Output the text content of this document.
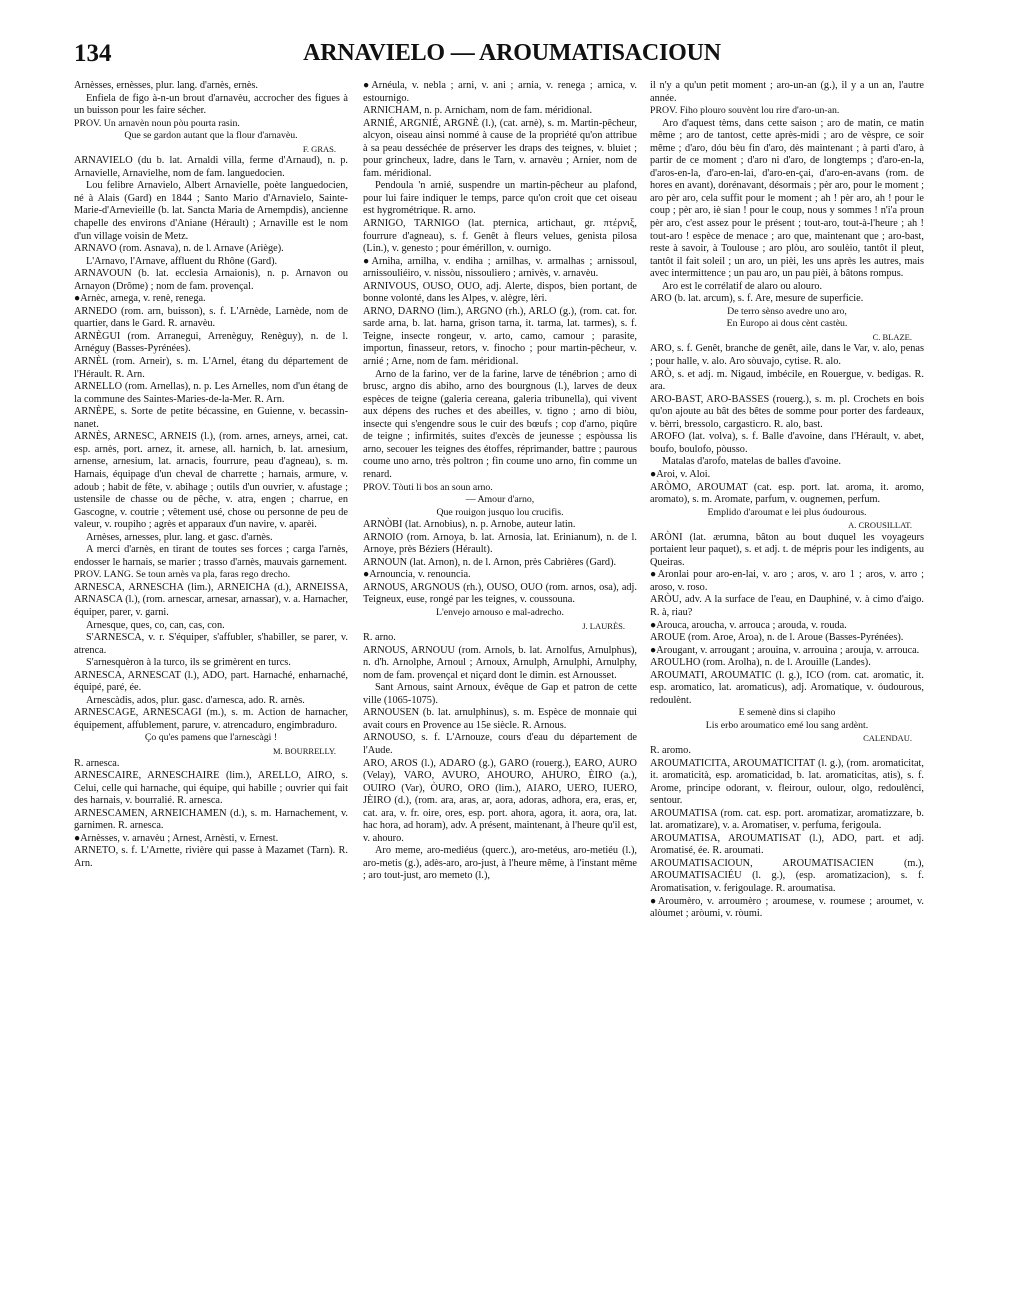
134	ARNAVIELO — AROUMATISACIOUN

Arnèsses, ernèsses, plur. lang. d'arnès, ernès.

Enfiela de figo à-n-un brout d'arnavèu, accrocher des figues à un buisson pour les faire sécher.

PROV. Un arnavèn noun pòu pourta rasin.

Que se gardon autant que la flour d'arnavèu.

F. GRAS.

ARNAVIELO (du b. lat. Arnaldi villa, ferme d'Arnaud), n. p. Arnavielle, Arnavielhe, nom de fam. languedocien.

Lou felibre Arnavielo, Albert Arnavielle, poète languedocien, né à Alais (Gard) en 1844 ; Santo Mario d'Arnavielo, Sainte-Marie-d'Arnevieille (b. lat. Sancta Maria de Arnempdis), ancienne chapelle des environs d'Aniane (Hérault) ; Arnaville est le nom d'un village voisin de Metz.

ARNAVO (rom. Asnava), n. de l. Arnave (Ariège).

L'Arnavo, l'Arnave, affluent du Rhône (Gard).

ARNAVOUN (b. lat. ecclesia Arnaionis), n. p. Arnavon ou Arnayon (Drôme) ; nom de fam. provençal.

●Arnèc, arnega, v. renè, renega.

ARNEDO (rom. arn, buisson), s. f. L'Arnède, Larnède, nom de quartier, dans le Gard. R. arnavèu.

ARNÈGUI (rom. Arranegui, Arrenèguy, Renèguy), n. de l. Arnéguy (Basses-Pyrénées).

ARNÈL (rom. Arneir), s. m. L'Arnel, étang du département de l'Hérault. R. Arn.

ARNELLO (rom. Arnellas), n. p. Les Arnelles, nom d'un étang de la commune des Saintes-Maries-de-la-Mer. R. Arn.

ARNÈPE, s. Sorte de petite bécassine, en Guienne, v. becassin-nanet.

ARNÈS, ARNESC, ARNEIS (l.), (rom. arnes, arneys, arnei, cat. esp. arnès, port. arnez, it. arnese, all. harnich, b. lat. arnesium, arnense, arnesium, lat. arnacis, fourrure, peau d'agneau), s. m. Harnais, équipage d'un cheval de charrette ; harnais, armure, v. adoub ; habit de fête, v. abihage ; outils d'un ouvrier, v. afustage ; ustensile de chasse ou de pêche, v. atra, engen ; charrue, en Gascogne, v. coutrie ; vêtement usé, chose ou personne de peu de valeur, v. roupiho ; agrès et apparaux d'un navire, v. aparèi.

Arnèses, arnesses, plur. lang. et gasc. d'arnès.

A merci d'arnès, en tirant de toutes ses forces ; carga l'arnès, endosser le harnais, se marier ; trasso d'arnès, mauvais garnement.

PROV. LANG. Se toun arnès va pla, faras rego drecho.

ARNESCA, ARNESCHA (lim.), ARNEICHA (d.), ARNEISSA, ARNASCA (l.), (rom. arnescar, arnesar, arnassar), v. a. Harnacher, équiper, parer, v. garni.

Arnesque, ques, co, can, cas, con.

S'ARNESCA, v. r. S'équiper, s'affubler, s'habiller, se parer, v. atrenca.

S'arnesquèron à la turco, ils se grimèrent en turcs.

ARNESCA, ARNESCAT (l.), ADO, part. Harnaché, enharnaché, équipé, paré, ée.

Arnescàdis, ados, plur. gasc. d'arnesca, ado. R. arnès.

ARNESCAGE, ARNESCAGI (m.), s. m. Action de harnacher, équipement, affublement, parure, v. atrencaduro, engimbraduro.

Ço qu'es pamens que l'arnescàgi !

M. BOURRELLY.

R. arnesca.

ARNESCAIRE, ARNESCHAIRE (lim.), ARELLO, AIRO, s. Celui, celle qui harnache, qui équipe, qui habille ; ouvrier qui fait des harnais, v. bourralié. R. arnesca.

ARNESCAMEN, ARNEICHAMEN (d.), s. m. Harnachement, v. garnimen. R. arnesca.

●Arnèsses, v. arnavèu ; Arnest, Arnèsti, v. Ernest.

ARNETO, s. f. L'Arnette, rivière qui passe à Mazamet (Tarn). R. Arn.

●Arnéula, v. nebla ; arni, v. ani ; arnia, v. renega ; arnica, v. estournigo.

ARNICHAM, n. p. Arnicham, nom de fam. méridional.

ARNIÉ, ARGNIÉ, ARGNÈ (l.), (cat. arnè), s. m. Martin-pêcheur, alcyon, oiseau ainsi nommé à cause de la propriété qu'on attribue à sa peau desséchée de préserver les draps des teignes, v. bluiet ; pour grincheux, ladre, dans le Tarn, v. arnavèu ; Arnier, nom de fam. méridional.

Pendoula 'n arnié, suspendre un martin-pêcheur au plafond, pour lui faire indiquer le temps, parce qu'on croit que cet oiseau est hygrométrique. R. arno.

ARNIGO, TARNIGO (lat. pternica, artichaut, gr. πτέρνιξ, fourrure d'agneau), s. f. Genêt à fleurs velues, genista pilosa (Lin.), v. genesto ; pour émérillon, v. ournigo.

●Arniha, arnilha, v. endiha ; arnilhas, v. armalhas ; arnissoul, arnissouliéiro, v. nissòu, nissouliero ; arnivès, v. arnavèu.

ARNIVOUS, OUSO, OUO, adj. Alerte, dispos, bien portant, de bonne volonté, dans les Alpes, v. alègre, lèri.

ARNO, DARNO (lim.), ARGNO (rh.), ARLO (g.), (rom. cat. for. sarde arna, b. lat. harna, grison tarna, it. tarma, lat. tarmes), s. f. Teigne, insecte rongeur, v. arto, camo, camour ; parasite, importun, finasseur, retors, v. finocho ; pour martin-pêcheur, v. arnié ; Arne, nom de fam. méridional.

Arno de la farino, ver de la farine, larve de ténébrion ; arno di brusc, argno dis abiho, arno des bourgnous (l.), larves de deux espèces de teigne (galeria cereana, galeria tribunella), qui vivent aux dépens des ruches et des abeilles, v. tigno ; arno di biòu, insecte qui s'engendre sous le cuir des bœufs ; cop d'arno, piqûre de teigne ; infirmités, suites d'excès de jeunesse ; espòussa lis arno, secouer les teignes des étoffes, réprimander, battre ; paurous coume uno arno, très poltron ; fin coume uno arno, fin comme un renard.

PROV. Tòuti li bos an soun arno.

— Amour d'arno,

Que rouigon jusquo lou crucifis.

ARNÒBI (lat. Arnobius), n. p. Arnobe, auteur latin.

ARNOIO (rom. Arnoya, b. lat. Arnosia, lat. Erinianum), n. de l. Arnoye, près Béziers (Hérault).

ARNOUN (lat. Arnon), n. de l. Arnon, près Cabrières (Gard).

●Arnouncia, v. renouncia.

ARNOUS, ARGNOUS (rh.), OUSO, OUO (rom. arnos, osa), adj. Teigneux, euse, rongé par les teignes, v. coussouna.

L'envejo arnouso e mal-adrecho.

J. LAURÈS.

R. arno.

ARNOUS, ARNOUU (rom. Arnols, b. lat. Arnolfus, Arnulphus), n. d'h. Arnolphe, Arnoul ; Arnoux, Arnulph, Arnulphi, Arnulphy, nom de fam. provençal et niçard dont le dimin. est Arnousset.

Sant Arnous, saint Arnoux, évêque de Gap et patron de cette ville (1065-1075).

ARNOUSEN (b. lat. arnulphinus), s. m. Espèce de monnaie qui avait cours en Provence au 15e siècle. R. Arnous.

ARNOUSO, s. f. L'Arnouze, cours d'eau du département de l'Aude.

ARO, AROS (l.), ADARO (g.), GARO (rouerg.), EARO, AURO (Velay), VARO, AVURO, AHOURO, AHURO, ÈIRO (a.), OUIRO (Var), ÒURO, ORO (lim.), AIARO, UERO, IUERO, JÈIRO (d.), (rom. ara, aras, ar, aora, adoras, adhora, era, eras, er, cat. ara, v. fr. oire, ores, esp. port. ahora, agora, it. aora, ora, lat. hac hora, ad horam), adv. A présent, maintenant, à l'heure qu'il est, v. ahouro.

Aro meme, aro-mediéus (querc.), aro-metéus, aro-metiéu (l.), aro-metis (g.), adès-aro, aro-just, à l'heure même, à l'instant même ; aro tout-just, aro memeto (l.),

il n'y a qu'un petit moment ; aro-un-an (g.), il y a un an, l'autre année.

PROV. Fiho plouro souvènt lou rire d'aro-un-an.

Aro d'aquest tèms, dans cette saison ; aro de matin, ce matin même ; aro de tantost, cette après-midi ; aro de vèspre, ce soir même ; d'aro, dóu bèu fin d'aro, dès maintenant ; à parti d'aro, à partir de ce moment ; d'aro ni d'aro, de longtemps ; d'aro-en-la, d'aros-en-la, d'aro-en-lai, d'aro-en-çai, d'aro-en-avans (rom. de hores en avant), dorénavant, désormais ; pèr aro, pour le moment ; aro pèr aro, cela suffit pour le moment ; ah ! pèr aro, ah ! pour le coup ; pèr aro, iè sian ! pour le coup, nous y sommes ! n'i'a proun pèr aro, c'est assez pour le présent ; tout-aro, tout-à-l'heure ; ah ! tout-aro ! espèce de menace ; aro que, maintenant que ; aro-bast, reste à savoir, à Toulouse ; aro plòu, aro soulèio, tantôt il pleut, tantôt il fait soleil ; un aro, un pièi, les uns après les autres, mais avec intermittence ; un pau aro, un pau pièi, à bâtons rompus.

Aro est le corrélatif de alaro ou alouro.

ARO (b. lat. arcum), s. f. Are, mesure de superficie.

De terro sènso avedre uno aro,

En Europo ai dous cènt castèu.

C. BLAZE.

ARO, s. f. Genêt, branche de genêt, aile, dans le Var, v. alo, penas ; pour halle, v. alo. Aro sòuvajo, cytise. R. alo.

ARÒ, s. et adj. m. Nigaud, imbécile, en Rouergue, v. bedigas. R. ara.

ARO-BAST, ARO-BASSES (rouerg.), s. m. pl. Crochets en bois qu'on ajoute au bât des bêtes de somme pour porter des fardeaux, v. bèrri, bressolo, cargasticro. R. alo, bast.

AROFO (lat. volva), s. f. Balle d'avoine, dans l'Hérault, v. abet, boufo, boulofo, pòusso.

Matalas d'arofo, matelas de balles d'avoine.

●Aroi, v. Aloi.

ARÒMO, AROUMAT (cat. esp. port. lat. aroma, it. aromo, aromato), s. m. Aromate, parfum, v. ougnemen, perfum.

Emplido d'aroumat e lei plus óudourous.

A. CROUSILLAT.

ARÒNI (lat. ærumna, bâton au bout duquel les voyageurs portaient leur paquet), s. et adj. t. de mépris pour les indigents, au Queiras.

●Aronlai pour aro-en-lai, v. aro ; aros, v. aro 1 ; aros, v. arro ; aroso, v. roso.

ARÒU, adv. A la surface de l'eau, en Dauphiné, v. à cimo d'aigo. R. à, riau?

●Arouca, aroucha, v. arrouca ; arouda, v. rouda.

AROUE (rom. Aroe, Aroa), n. de l. Aroue (Basses-Pyrénées).

●Arougant, v. arrougant ; arouina, v. arrouina ; arouja, v. arrouca.

AROULHO (rom. Arolha), n. de l. Arouille (Landes).

AROUMATI, AROUMATIC (l. g.), ICO (rom. cat. aromatic, it. esp. aromatico, lat. aromaticus), adj. Aromatique, v. óudourous, redoulènt.

E semenè dins si clapiho

Lis erbo aroumatico emé lou sang ardènt.

CALENDAU.

R. aromo.

AROUMATICITA, AROUMATICITAT (l. g.), (rom. aromaticitat, it. aromaticità, esp. aromaticidad, b. lat. aromaticitas, atis), s. f. Arome, principe odorant, v. fleirour, oulour, olgo, redoulènci, sentour.

AROUMATISA (rom. cat. esp. port. aromatizar, aromatizzare, b. lat. aromatizare), v. a. Aromatiser, v. perfuma, ferigoula.

AROUMATISA, AROUMATISAT (l.), ADO, part. et adj. Aromatisé, ée. R. aroumati.

AROUMATISACIOUN, AROUMATISACIEN (m.), AROUMATISACIÉU (l. g.), (esp. aromatizacion), s. f. Aromatisation, v. ferigoulage. R. aroumatisa.

●Aroumèro, v. arroumèro ; aroumese, v. roumese ; aroumet, v. alòumet ; aròumi, v. ròumi.
